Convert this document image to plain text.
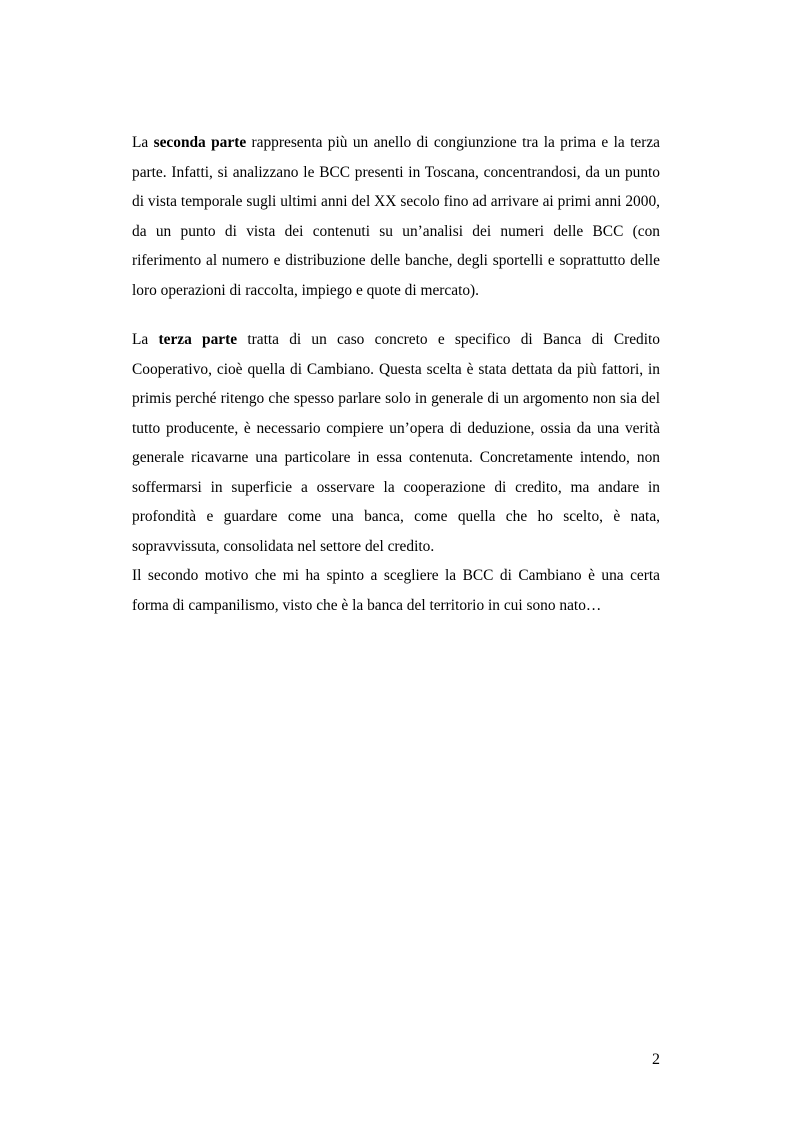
La seconda parte rappresenta più un anello di congiunzione tra la prima e la terza parte. Infatti, si analizzano le BCC presenti in Toscana, concentrandosi, da un punto di vista temporale sugli ultimi anni del XX secolo fino ad arrivare ai primi anni 2000, da un punto di vista dei contenuti su un’analisi dei numeri delle BCC (con riferimento al numero e distribuzione delle banche, degli sportelli e soprattutto delle loro operazioni di raccolta, impiego e quote di mercato).

La terza parte tratta di un caso concreto e specifico di Banca di Credito Cooperativo, cioè quella di Cambiano. Questa scelta è stata dettata da più fattori, in primis perché ritengo che spesso parlare solo in generale di un argomento non sia del tutto producente, è necessario compiere un’opera di deduzione, ossia da una verità generale ricavarne una particolare in essa contenuta. Concretamente intendo, non soffermarsi in superficie a osservare la cooperazione di credito, ma andare in profondità e guardare come una banca, come quella che ho scelto, è nata, sopravvissuta, consolidata nel settore del credito.

Il secondo motivo che mi ha spinto a scegliere la BCC di Cambiano è una certa forma di campanilismo, visto che è la banca del territorio in cui sono nato…

2
